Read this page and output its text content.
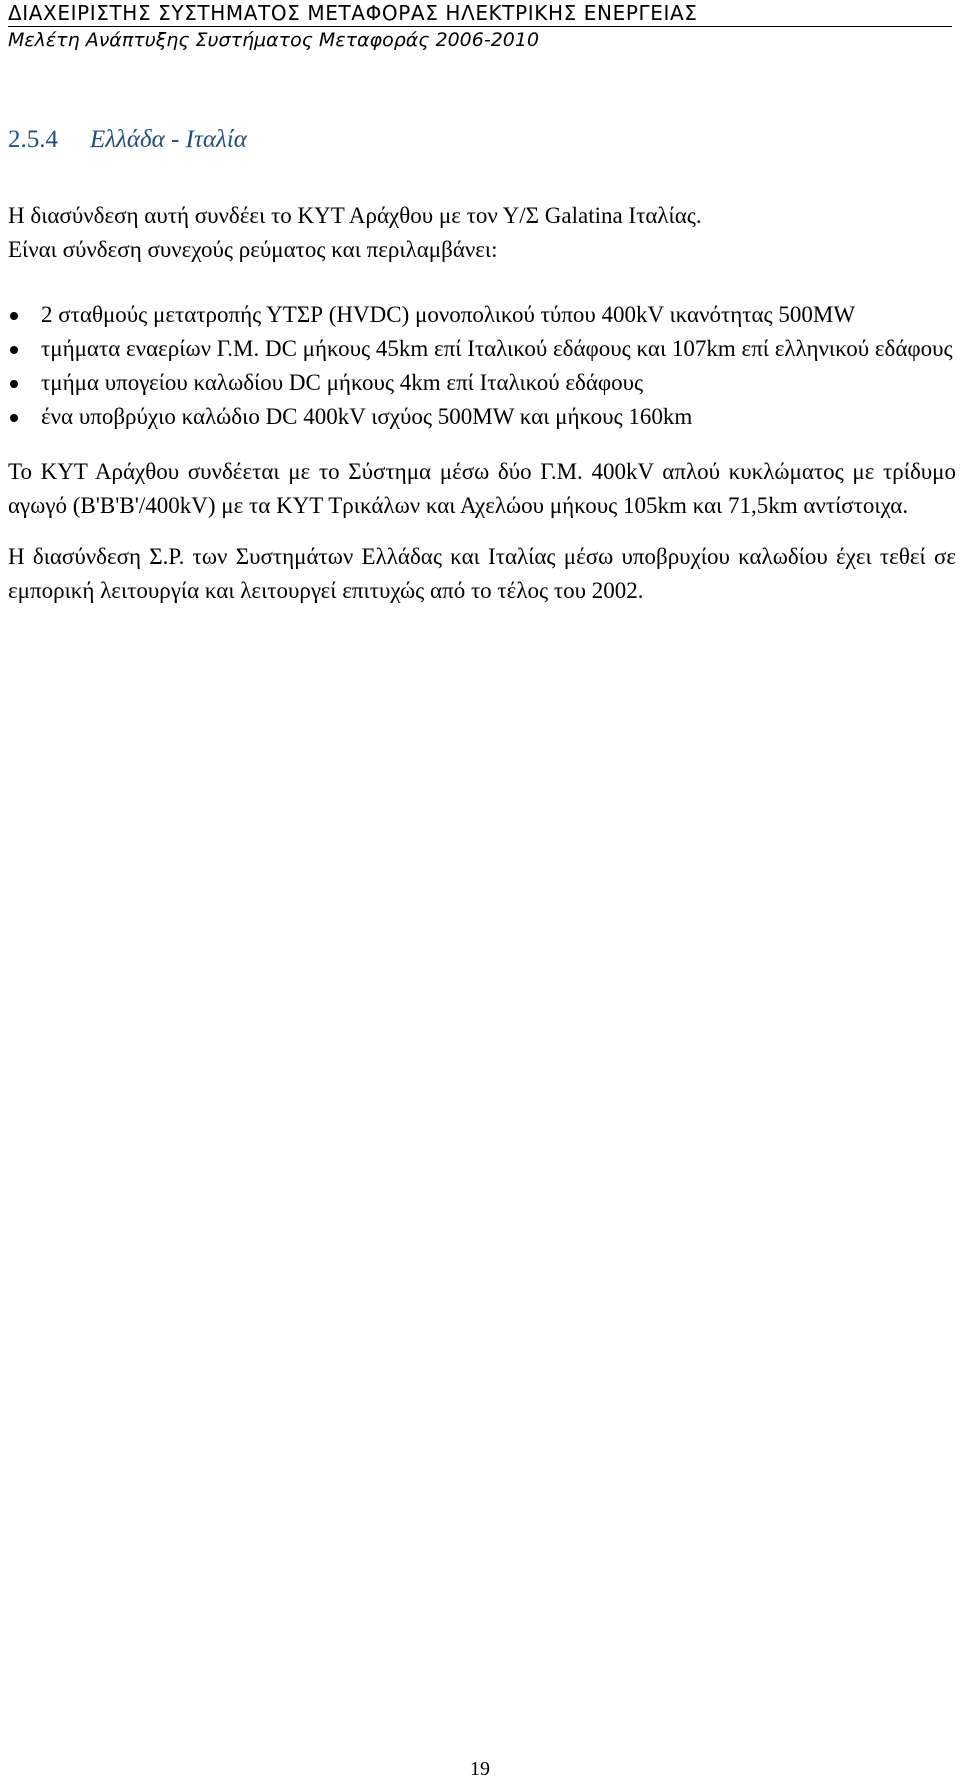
ΔΙΑΧΕΙΡΙΣΤΗΣ ΣΥΣΤΗΜΑΤΟΣ ΜΕΤΑΦΟΡΑΣ ΗΛΕΚΤΡΙΚΗΣ ΕΝΕΡΓΕΙΑΣ
Μελέτη Ανάπτυξης Συστήματος Μεταφοράς 2006-2010
2.5.4 Ελλάδα - Ιταλία

Η διασύνδεση αυτή συνδέει το ΚΥΤ Αράχθου με τον Υ/Σ Galatina Ιταλίας.
Είναι σύνδεση συνεχούς ρεύματος και περιλαμβάνει:

2 σταθμούς μετατροπής ΥΤΣΡ (HVDC) μονοπολικού τύπου 400kV ικανότητας 500MW
τμήματα εναερίων Γ.Μ. DC μήκους 45km επί Ιταλικού εδάφους και 107km επί ελληνικού εδάφους
τμήμα υπογείου καλωδίου DC μήκους 4km επί Ιταλικού εδάφους
ένα υποβρύχιο καλώδιο DC 400kV ισχύος 500MW και μήκους 160km

Το ΚΥΤ Αράχθου συνδέεται με το Σύστημα μέσω δύο Γ.Μ. 400kV απλού κυκλώματος με τρίδυμο αγωγό (B'B'B'/400kV) με τα ΚΥΤ Τρικάλων και Αχελώου μήκους 105km και 71,5km αντίστοιχα.

Η διασύνδεση Σ.Ρ. των Συστημάτων Ελλάδας και Ιταλίας μέσω υποβρυχίου καλωδίου έχει τεθεί σε εμπορική λειτουργία και λειτουργεί επιτυχώς από το τέλος του 2002.

19
